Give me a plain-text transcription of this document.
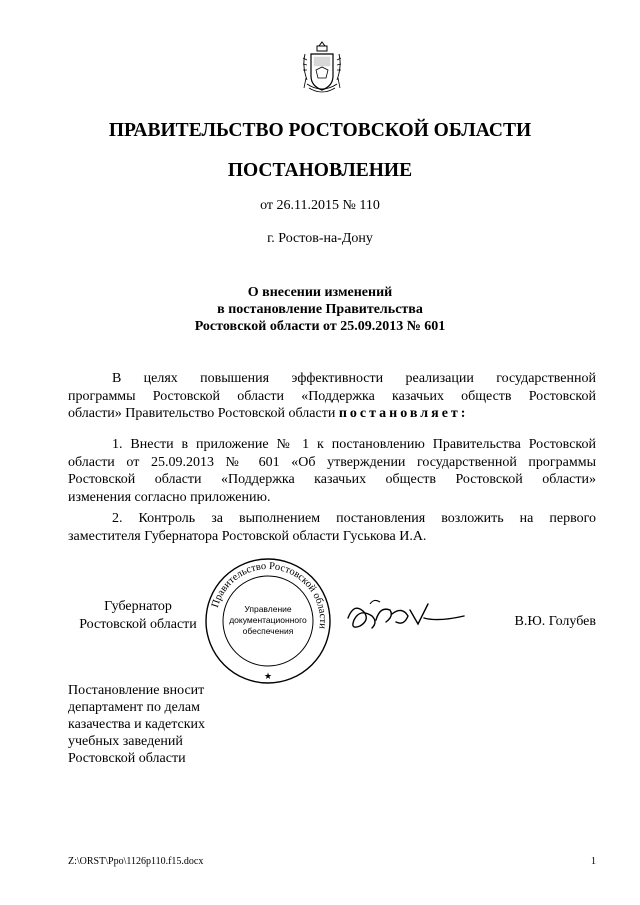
ПРАВИТЕЛЬСТВО РОСТОВСКОЙ ОБЛАСТИ
ПОСТАНОВЛЕНИЕ
от 26.11.2015 № 110
г. Ростов-на-Дону
О внесении изменений
в постановление Правительства
Ростовской области от 25.09.2013 № 601
В целях повышения эффективности реализации государственной
программы Ростовской области «Поддержка казачьих обществ Ростовской
области» Правительство Ростовской области постановляет:
1. Внести в приложение № 1 к постановлению Правительства Ростовской
области от 25.09.2013 № 601 «Об утверждении государственной программы
Ростовской области «Поддержка казачьих обществ Ростовской области»
изменения согласно приложению.
2. Контроль за выполнением постановления возложить на первого
заместителя Губернатора Ростовской области Гуськова И.А.
Губернатор
Ростовской области
Правительство Ростовской области
Управление
документационного
обеспечения
★
В.Ю. Голубев
Постановление вносит
департамент по делам
казачества и кадетских
учебных заведений
Ростовской области
Z:\ORST\Ppo\1126p110.f15.docx	1
